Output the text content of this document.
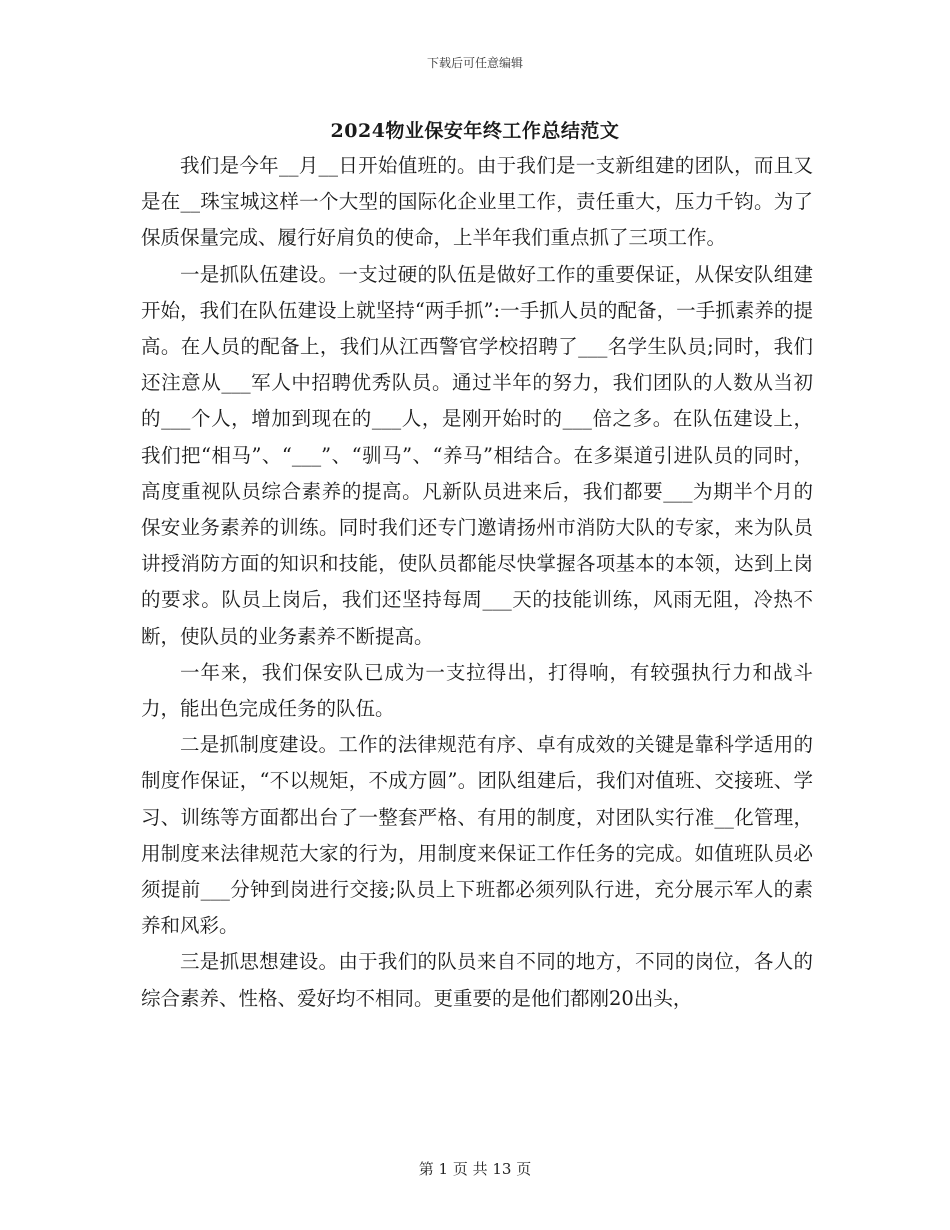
下载后可任意编辑
2024物业保安年终工作总结范文

我们是今年__月__日开始值班的。由于我们是一支新组建的团队，而且又是在__珠宝城这样一个大型的国际化企业里工作，责任重大，压力千钧。为了保质保量完成、履行好肩负的使命，上半年我们重点抓了三项工作。

一是抓队伍建设。一支过硬的队伍是做好工作的重要保证，从保安队组建开始，我们在队伍建设上就坚持“两手抓”:一手抓人员的配备，一手抓素养的提高。在人员的配备上，我们从江西警官学校招聘了___名学生队员;同时，我们还注意从___军人中招聘优秀队员。通过半年的努力，我们团队的人数从当初的___个人，增加到现在的___人，是刚开始时的___倍之多。在队伍建设上，我们把“相马”、“___”、“驯马”、“养马”相结合。在多渠道引进队员的同时，高度重视队员综合素养的提高。凡新队员进来后，我们都要___为期半个月的保安业务素养的训练。同时我们还专门邀请扬州市消防大队的专家，来为队员讲授消防方面的知识和技能，使队员都能尽快掌握各项基本的本领，达到上岗的要求。队员上岗后，我们还坚持每周___天的技能训练，风雨无阻，冷热不断，使队员的业务素养不断提高。

一年来，我们保安队已成为一支拉得出，打得响，有较强执行力和战斗力，能出色完成任务的队伍。

二是抓制度建设。工作的法律规范有序、卓有成效的关键是靠科学适用的制度作保证，“不以规矩，不成方圆”。团队组建后，我们对值班、交接班、学习、训练等方面都出台了一整套严格、有用的制度，对团队实行准__化管理，用制度来法律规范大家的行为，用制度来保证工作任务的完成。如值班队员必须提前___分钟到岗进行交接;队员上下班都必须列队行进，充分展示军人的素养和风彩。

三是抓思想建设。由于我们的队员来自不同的地方，不同的岗位，各人的综合素养、性格、爱好均不相同。更重要的是他们都刚20出头，

第 1 页 共 13 页
